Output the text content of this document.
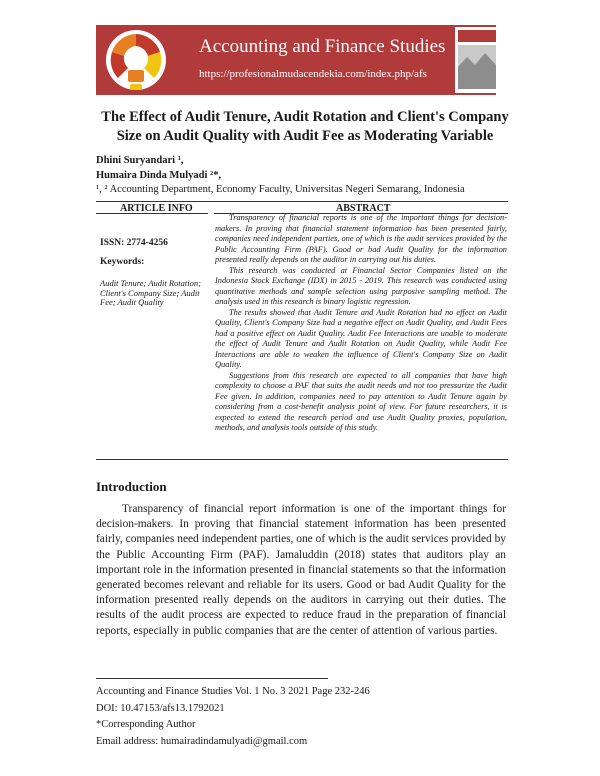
Accounting and Finance Studies
https://profesionalmudacendekia.com/index.php/afs
The Effect of Audit Tenure, Audit Rotation and Client's Company Size on Audit Quality with Audit Fee as Moderating Variable
Dhini Suryandari ¹,
Humaira Dinda Mulyadi ²*,
¹, ² Accounting Department, Economy Faculty, Universitas Negeri Semarang, Indonesia
ARTICLE INFO	ABSTRACT
ISSN: 2774-4256
Keywords:
Audit Tenure; Audit Rotation; Client's Company Size; Audit Fee; Audit Quality

Transparency of financial reports is one of the important things for decision-makers. In proving that financial statement information has been presented fairly, companies need independent parties, one of which is the audit services provided by the Public Accounting Firm (PAF). Good or bad Audit Quality for the information presented really depends on the auditor in carrying out his duties.

This research was conducted at Financial Sector Companies listed on the Indonesia Stock Exchange (IDX) in 2015 - 2019. This research was conducted using quantitative methods and sample selection using purposive sampling method. The analysis used in this research is binary logistic regression.

The results showed that Audit Tenure and Audit Rotation had no effect on Audit Quality, Client's Company Size had a negative effect on Audit Quality, and Audit Fees had a positive effect on Audit Quality. Audit Fee Interactions are unable to moderate the effect of Audit Tenure and Audit Rotation on Audit Quality, while Audit Fee Interactions are able to weaken the influence of Client's Company Size on Audit Quality.

Suggestions from this research are expected to all companies that have high complexity to choose a PAF that suits the audit needs and not too pressurize the Audit Fee given. In addition, companies need to pay attention to Audit Tenure again by considering from a cost-benefit analysis point of view. For future researchers, it is expected to extend the research period and use Audit Quality proxies, population, methods, and analysis tools outside of this study.

Introduction

Transparency of financial report information is one of the important things for decision-makers. In proving that financial statement information has been presented fairly, companies need independent parties, one of which is the audit services provided by the Public Accounting Firm (PAF). Jamaluddin (2018) states that auditors play an important role in the information presented in financial statements so that the information generated becomes relevant and reliable for its users. Good or bad Audit Quality for the information presented really depends on the auditors in carrying out their duties. The results of the audit process are expected to reduce fraud in the preparation of financial reports, especially in public companies that are the center of attention of various parties.

Accounting and Finance Studies Vol. 1 No. 3 2021 Page 232-246
DOI: 10.47153/afs13.1792021
*Corresponding Author
Email address: humairadindamulyadi@gmail.com
